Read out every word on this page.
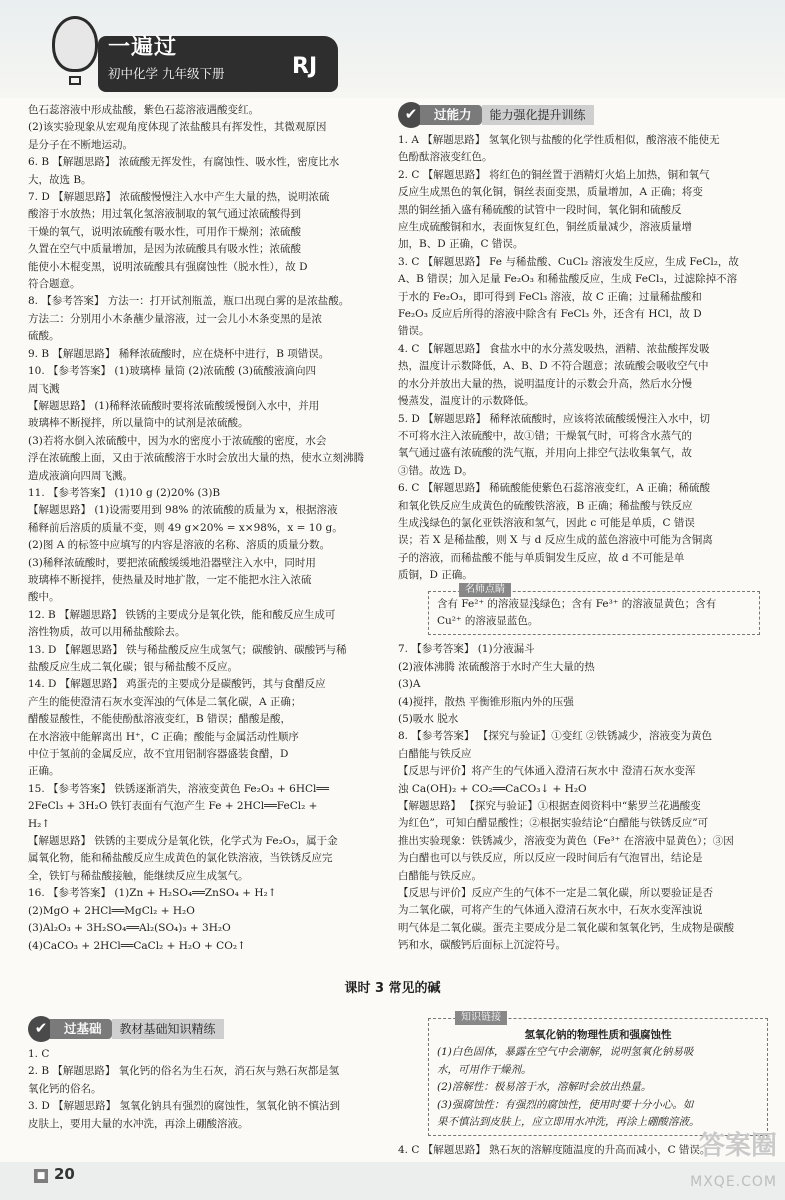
一遍过
初中化学 九年级下册	RJ
色石蕊溶液中形成盐酸，紫色石蕊溶液遇酸变红。
(2)该实验现象从宏观角度体现了浓盐酸具有挥发性，其微观原因
是分子在不断地运动。
6. B 【解题思路】 浓硫酸无挥发性，有腐蚀性、吸水性，密度比水
大，故选 B。
7. D 【解题思路】 浓硫酸慢慢注入水中产生大量的热，说明浓硫
酸溶于水放热；用过氧化氢溶液制取的氧气通过浓硫酸得到
干燥的氧气，说明浓硫酸有吸水性，可用作干燥剂；浓硫酸
久置在空气中质量增加，是因为浓硫酸具有吸水性；浓硫酸
能使小木棍变黑，说明浓硫酸具有强腐蚀性（脱水性），故 D
符合题意。
8. 【参考答案】 方法一：打开试剂瓶盖，瓶口出现白雾的是浓盐酸。
方法二：分别用小木条蘸少量溶液，过一会儿小木条变黑的是浓
硫酸。
9. B 【解题思路】 稀释浓硫酸时，应在烧杯中进行，B 项错误。
10. 【参考答案】 (1)玻璃棒 量筒 (2)浓硫酸 (3)硫酸液滴向四
周飞溅
【解题思路】 (1)稀释浓硫酸时要将浓硫酸缓慢倒入水中，并用
玻璃棒不断搅拌，所以量筒中的试剂是浓硫酸。
(3)若将水倒入浓硫酸中，因为水的密度小于浓硫酸的密度，水会
浮在浓硫酸上面，又由于浓硫酸溶于水时会放出大量的热，使水立刻沸腾
造成液滴向四周飞溅。
11. 【参考答案】 (1)10 g (2)20% (3)B
【解题思路】 (1)设需要用到 98% 的浓硫酸的质量为 x，根据溶液
稀释前后溶质的质量不变，则 49 g×20% = x×98%，x = 10 g。
(2)图 A 的标签中应填写的内容是溶液的名称、溶质的质量分数。
(3)稀释浓硫酸时，要把浓硫酸缓缓地沿器壁注入水中，同时用
玻璃棒不断搅拌，使热量及时地扩散，一定不能把水注入浓硫
酸中。
12. B 【解题思路】 铁锈的主要成分是氧化铁，能和酸反应生成可
溶性物质，故可以用稀盐酸除去。
13. D 【解题思路】 铁与稀盐酸反应生成氢气；碳酸钠、碳酸钙与稀
盐酸反应生成二氧化碳；银与稀盐酸不反应。
14. D 【解题思路】 鸡蛋壳的主要成分是碳酸钙，其与食醋反应
产生的能使澄清石灰水变浑浊的气体是二氧化碳，A 正确；
醋酸显酸性，不能使酚酞溶液变红，B 错误；醋酸是酸，
在水溶液中能解离出 H⁺，C 正确；酸能与金属活动性顺序
中位于氢前的金属反应，故不宜用铝制容器盛装食醋，D
正确。
15. 【参考答案】 铁锈逐渐消失，溶液变黄色 Fe₂O₃ + 6HCl══
2FeCl₃ + 3H₂O 铁钉表面有气泡产生 Fe + 2HCl══FeCl₂ +
H₂↑
【解题思路】 铁锈的主要成分是氧化铁，化学式为 Fe₂O₃，属于金
属氧化物，能和稀盐酸反应生成黄色的氯化铁溶液，当铁锈反应完
全，铁钉与稀盐酸接触，能继续反应生成氢气。
16. 【参考答案】 (1)Zn + H₂SO₄══ZnSO₄ + H₂↑
(2)MgO + 2HCl══MgCl₂ + H₂O
(3)Al₂O₃ + 3H₂SO₄══Al₂(SO₄)₃ + 3H₂O
(4)CaCO₃ + 2HCl══CaCl₂ + H₂O + CO₂↑
✔	过能力	能力强化提升训练
1. A 【解题思路】 氢氧化钡与盐酸的化学性质相似，酸溶液不能使无
色酚酞溶液变红色。
2. C 【解题思路】 将红色的铜丝置于酒精灯火焰上加热，铜和氧气
反应生成黑色的氧化铜，铜丝表面变黑，质量增加，A 正确；将变
黑的铜丝插入盛有稀硫酸的试管中一段时间，氧化铜和硫酸反
应生成硫酸铜和水，表面恢复红色，铜丝质量减少，溶液质量增
加，B、D 正确，C 错误。
3. C 【解题思路】 Fe 与稀盐酸、CuCl₂ 溶液发生反应，生成 FeCl₂，故
A、B 错误；加入足量 Fe₂O₃ 和稀盐酸反应，生成 FeCl₃，过滤除掉不溶
于水的 Fe₂O₃，即可得到 FeCl₃ 溶液，故 C 正确；过量稀盐酸和
Fe₂O₃ 反应后所得的溶液中除含有 FeCl₃ 外，还含有 HCl，故 D
错误。
4. C 【解题思路】 食盐水中的水分蒸发吸热，酒精、浓盐酸挥发吸
热，温度计示数降低，A、B、D 不符合题意；浓硫酸会吸收空气中
的水分并放出大量的热，说明温度计的示数会升高，然后水分慢
慢蒸发，温度计的示数降低。
5. D 【解题思路】 稀释浓硫酸时，应该将浓硫酸缓慢注入水中，切
不可将水注入浓硫酸中，故①错；干燥氧气时，可将含水蒸气的
氧气通过盛有浓硫酸的洗气瓶，并用向上排空气法收集氧气，故
③错。故选 D。
6. C 【解题思路】 稀硫酸能使紫色石蕊溶液变红，A 正确；稀硫酸
和氧化铁反应生成黄色的硫酸铁溶液，B 正确；稀盐酸与铁反应
生成浅绿色的氯化亚铁溶液和氢气，因此 c 可能是单质，C 错误
误；若 X 是稀盐酸，则 X 与 d 反应生成的蓝色溶液中可能为含铜离
子的溶液，而稀盐酸不能与单质铜发生反应，故 d 不可能是单
质铜，D 正确。
名师点睛
含有 Fe²⁺ 的溶液显浅绿色；含有 Fe³⁺ 的溶液显黄色；含有
Cu²⁺ 的溶液显蓝色。
7. 【参考答案】 (1)分液漏斗
(2)液体沸腾 浓硫酸溶于水时产生大量的热
(3)A
(4)搅拌，散热 平衡锥形瓶内外的压强
(5)吸水 脱水
8. 【参考答案】 【探究与验证】①变红 ②铁锈减少，溶液变为黄色
白醋能与铁反应
【反思与评价】将产生的气体通入澄清石灰水中 澄清石灰水变浑
浊 Ca(OH)₂ + CO₂══CaCO₃↓ + H₂O
【解题思路】 【探究与验证】①根据查阅资料中“紫罗兰花遇酸变
为红色”，可知白醋显酸性；②根据实验结论“白醋能与铁锈反应”可
推出实验现象：铁锈减少，溶液变为黄色（Fe³⁺ 在溶液中显黄色）；③因
为白醋也可以与铁反应，所以反应一段时间后有气泡冒出，结论是
白醋能与铁反应。
【反思与评价】反应产生的气体不一定是二氧化碳，所以要验证是否
为二氧化碳，可将产生的气体通入澄清石灰水中，石灰水变浑浊说
明气体是二氧化碳。蛋壳主要成分是二氧化碳和氢氧化钙，生成物是碳酸
钙和水，碳酸钙后面标上沉淀符号。
课时 3 常见的碱
✔	过基础	教材基础知识精练
1. C
2. B 【解题思路】 氧化钙的俗名为生石灰，消石灰与熟石灰都是氢
氧化钙的俗名。
3. D 【解题思路】 氢氧化钠具有强烈的腐蚀性，氢氧化钠不慎沾到
皮肤上，要用大量的水冲洗，再涂上硼酸溶液。
知识链接
氢氧化钠的物理性质和强腐蚀性
(1)白色固体，暴露在空气中会潮解，说明氢氧化钠易吸
水，可用作干燥剂。
(2)溶解性：极易溶于水，溶解时会放出热量。
(3)强腐蚀性：有强烈的腐蚀性，使用时要十分小心。如
果不慎沾到皮肤上，应立即用水冲洗，再涂上硼酸溶液。
4. C 【解题思路】 熟石灰的溶解度随温度的升高而减小，C 错误。
■ 20
答案圈
MXQE.COM
